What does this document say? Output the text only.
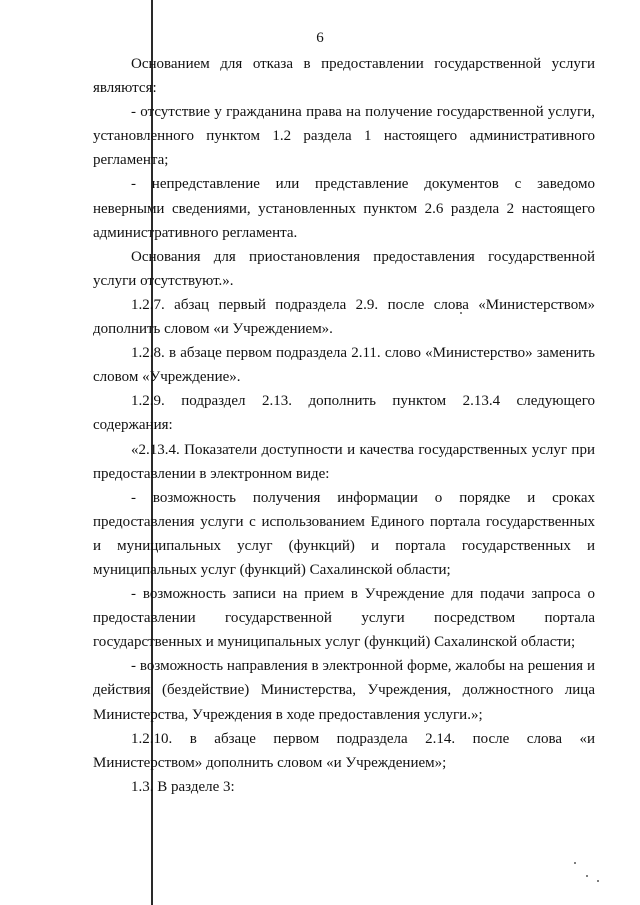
6

Основанием для отказа в предоставлении государственной услуги являются:

- отсутствие у гражданина права на получение государственной услуги, установленного пунктом 1.2 раздела 1 настоящего административного регламента;

- непредставление или представление документов с заведомо неверными сведениями, установленных пунктом 2.6 раздела 2 настоящего административного регламента.

Основания для приостановления предоставления государственной услуги отсутствуют.».

1.2.7. абзац первый подраздела 2.9. после слова «Министерством» дополнить словом «и Учреждением».

1.2.8. в абзаце первом подраздела 2.11. слово «Министерство» заменить словом «Учреждение».

1.2.9. подраздел 2.13. дополнить пунктом 2.13.4 следующего содержания:

«2.13.4. Показатели доступности и качества государственных услуг при предоставлении в электронном виде:

- возможность получения информации о порядке и сроках предоставления услуги с использованием Единого портала государственных и муниципальных услуг (функций) и портала государственных и муниципальных услуг (функций) Сахалинской области;

- возможность записи на прием в Учреждение для подачи запроса о предоставлении государственной услуги посредством портала государственных и муниципальных услуг (функций) Сахалинской области;

- возможность направления в электронной форме, жалобы на решения и действия (бездействие) Министерства, Учреждения, должностного лица Министерства, Учреждения в ходе предоставления услуги.»;

1.2.10. в абзаце первом подраздела 2.14. после слова «и Министерством» дополнить словом «и Учреждением»;

1.3. В разделе 3:
